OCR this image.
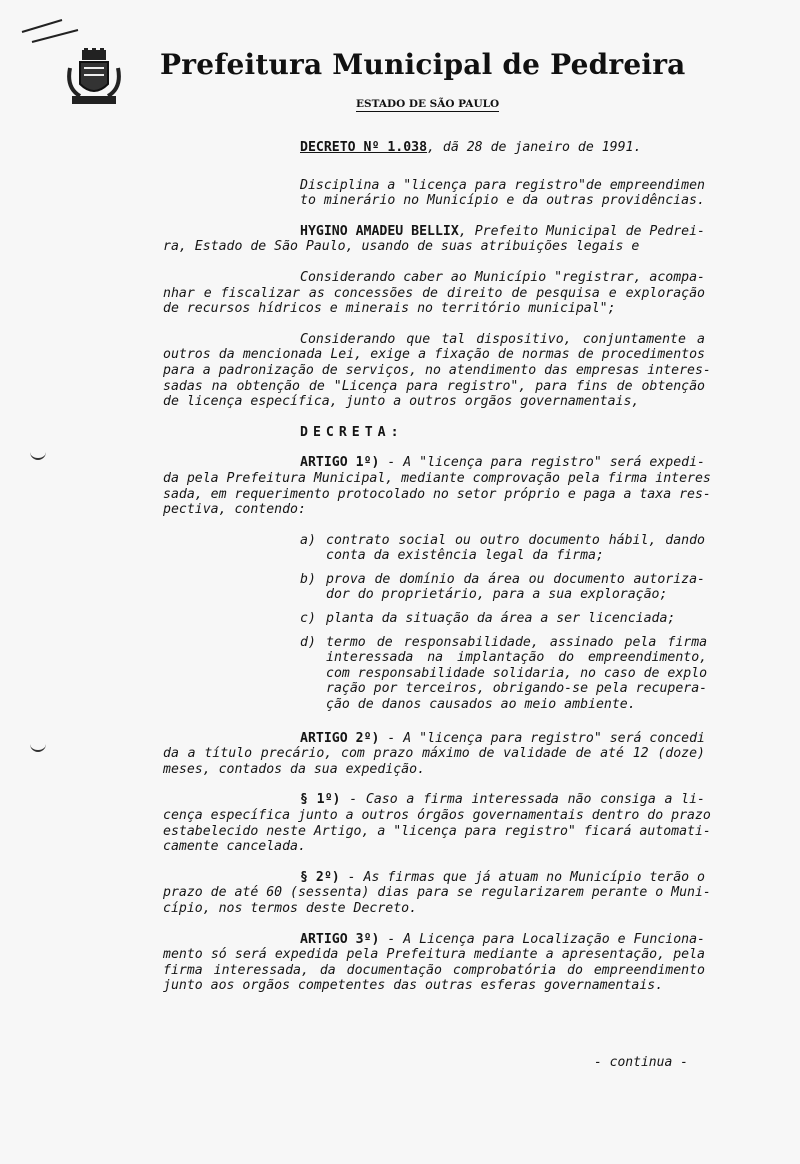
Prefeitura Municipal de Pedreira
ESTADO DE SÃO PAULO
DECRETO Nº 1.038, dã 28 de janeiro de 1991.
Disciplina a "licença para registro"de empreendimen
to minerário no Município e da outras providências.
HYGINO AMADEU BELLIX, Prefeito Municipal de Pedrei-
ra, Estado de São Paulo, usando de suas atribuições legais e
Considerando caber ao Município "registrar, acompa-
nhar e fiscalizar as concessões de direito de pesquisa e exploração
de recursos hídricos e minerais no território municipal";
Considerando que tal dispositivo, conjuntamente a
outros da mencionada Lei, exige a fixação de normas de procedimentos
para a padronização de serviços, no atendimento das empresas interes-
sadas na obtenção de "Licença para registro", para fins de obtenção
de licença específica, junto a outros orgãos governamentais,
DECRETA:
ARTIGO 1º) - A "licença para registro" será expedi-
da pela Prefeitura Municipal, mediante comprovação pela firma interes
sada, em requerimento protocolado no setor próprio e paga a taxa res-
pectiva, contendo:
a) contrato social ou outro documento hábil, dando
conta da existência legal da firma;
b) prova de domínio da área ou documento autoriza-
dor do proprietário, para a sua exploração;
c) planta da situação da área a ser licenciada;
d) termo de responsabilidade, assinado pela firma
interessada na implantação do empreendimento,
com responsabilidade solidaria, no caso de explo
ração por terceiros, obrigando-se pela recupera-
ção de danos causados ao meio ambiente.
ARTIGO 2º) - A "licença para registro" será concedi
da a título precário, com prazo máximo de validade de até 12 (doze)
meses, contados da sua expedição.
§ 1º) - Caso a firma interessada não consiga a li-
cença específica junto a outros órgãos governamentais dentro do prazo
estabelecido neste Artigo, a "licença para registro" ficará automati-
camente cancelada.
§ 2º) - As firmas que já atuam no Município terão o
prazo de até 60 (sessenta) dias para se regularizarem perante o Muni-
cípio, nos termos deste Decreto.
ARTIGO 3º) - A Licença para Localização e Funciona-
mento só será expedida pela Prefeitura mediante a apresentação, pela
firma interessada, da documentação comprobatória do empreendimento
junto aos orgãos competentes das outras esferas governamentais.
- continua -
